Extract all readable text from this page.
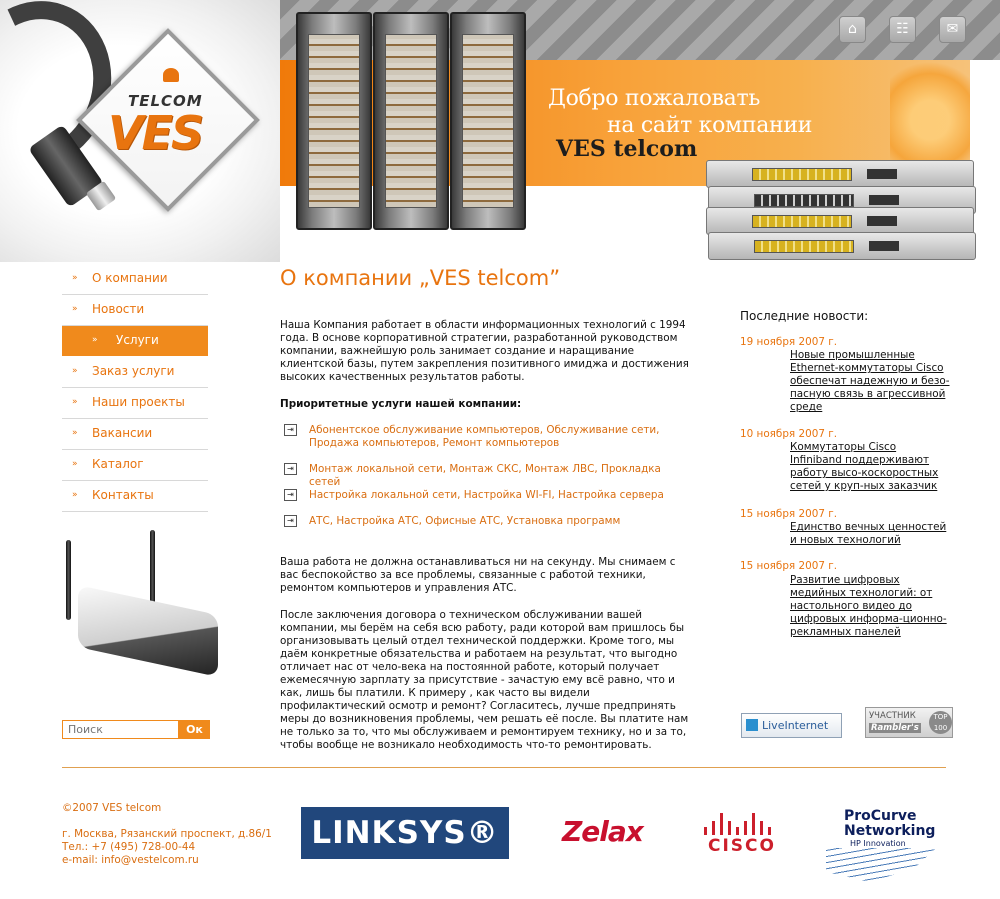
TELCOM
VES
Добро пожаловать
на сайт компании
VES telcom
⌂	☷	✉
» О компании
» Новости
» Услуги
» Заказ услуги
» Наши проекты
» Вакансии
» Каталог
» Контакты
Поиск
Ок
О компании „VES telcom”
Наша Компания работает в области информационных технологий с 1994 года. В основе корпоративной стратегии, разработанной руководством компании, важнейшую роль занимает создание и наращивание клиентской базы, путем закрепления позитивного имиджа и достижения высоких качественных результатов работы.
Приоритетные услуги нашей компании:
⇥	Абонентское обслуживание компьютеров, Обслуживание сети, Продажа компьютеров, Ремонт компьютеров
⇥	Монтаж локальной сети, Монтаж СКС, Монтаж ЛВС, Прокладка сетей
⇥	Настройка локальной сети, Настройка WI-FI, Настройка сервера
⇥	АТС, Настройка АТС, Офисные АТС, Установка программ
Ваша работа не должна останавливаться ни на секунду. Мы снимаем с вас беспокойство за все проблемы, связанные с работой техники, ремонтом компьютеров и управления АТС.
После заключения договора о техническом обслуживании вашей компании, мы берём на себя всю работу, ради которой вам пришлось бы организовывать целый отдел технической поддержки. Кроме того, мы даём конкретные обязательства и работаем на результат, что выгодно отличает нас от чело-века на постоянной работе, который получает ежемесячную зарплату за присутствие - зачастую ему всё равно, что и как, лишь бы платили. К примеру , как часто вы видели профилактический осмотр и ремонт? Согласитесь, лучше предпринять меры до возникновения проблемы, чем решать её после. Вы платите нам не только за то, что мы обслуживаем и ремонтируем технику, но и за то, чтобы вообще не возникало необходимость что-то ремонтировать.
Последние новости:
19 ноября 2007 г.
Новые промышленные Ethernet-коммутаторы Cisco обеспечат надежную и безо-пасную связь в агрессивной среде
10 ноября 2007 г.
Коммутаторы Cisco Infiniband поддерживают работу высо-коскоростных сетей у круп-ных заказчик
15 ноября 2007 г.
Единство вечных ценностей и новых технологий
15 ноября 2007 г.
Развитие цифровых медийных технологий: от настольного видео до цифровых информа-ционно-рекламных панелей
LiveInternet
УЧАСТНИК
Rambler's
TOP 100
©2007 VES telcom
г. Москва, Рязанский проспект, д.86/1
Тел.: +7 (495) 728-00-44
e-mail: info@vestelcom.ru
LINKSYS®	Zelax	CISCO
ProCurve
Networking
HP Innovation
